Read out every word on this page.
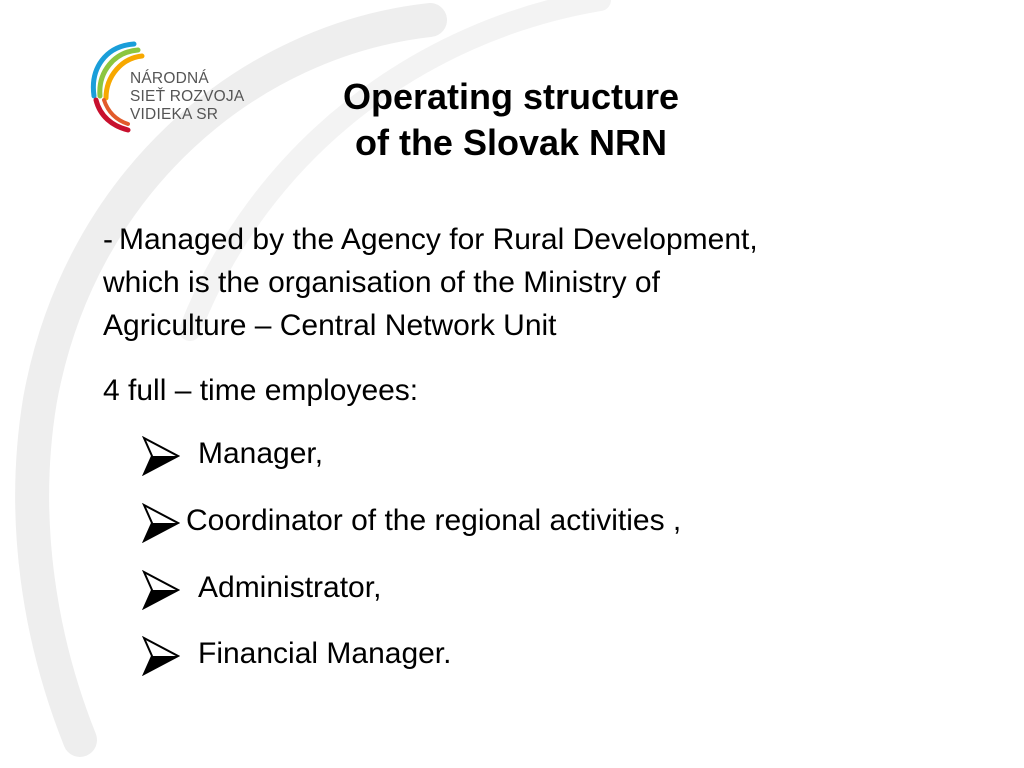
NÁRODNÁ
SIEŤ ROZVOJA
VIDIEKA SR	Operating structure
of the Slovak NRN
- Managed by the Agency for Rural Development,
which is the organisation of the Ministry of
Agriculture – Central Network Unit
4 full – time employees:
Manager,
Coordinator of the regional activities ,
Administrator,
Financial Manager.
